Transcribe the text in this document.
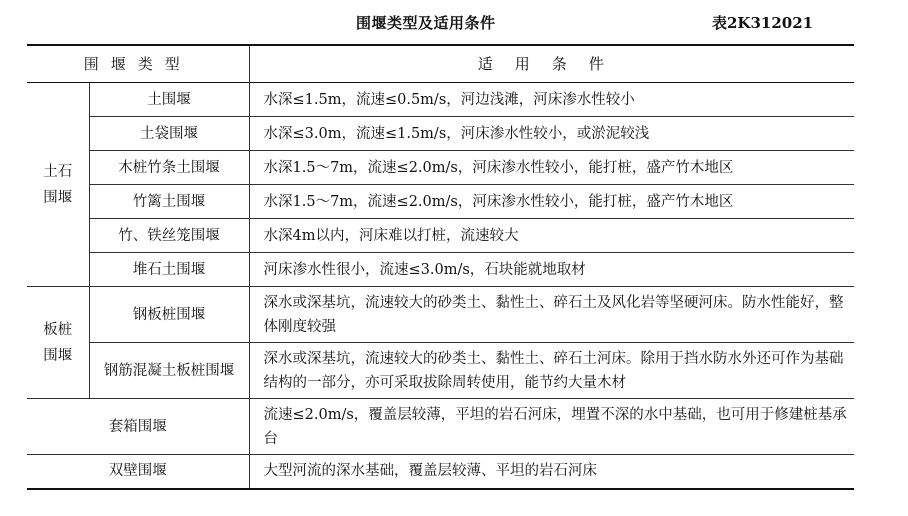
围堰类型及适用条件	表2K312021
围堰类型		适用条件

土石
围堰	土围堰	水深≤1.5m，流速≤0.5m/s，河边浅滩，河床渗水性较小
	土袋围堰	水深≤3.0m，流速≤1.5m/s，河床渗水性较小，或淤泥较浅
	木桩竹条土围堰	水深1.5～7m，流速≤2.0m/s，河床渗水性较小，能打桩，盛产竹木地区
	竹篱土围堰	水深1.5～7m，流速≤2.0m/s，河床渗水性较小，能打桩，盛产竹木地区
	竹、铁丝笼围堰	水深4m以内，河床难以打桩，流速较大
	堆石土围堰	河床渗水性很小，流速≤3.0m/s，石块能就地取材

板桩
围堰	钢板桩围堰	深水或深基坑，流速较大的砂类土、黏性土、碎石土及风化岩等坚硬河床。防水性能好，整体刚度较强
	钢筋混凝土板桩围堰	深水或深基坑，流速较大的砂类土、黏性土、碎石土河床。除用于挡水防水外还可作为基础结构的一部分，亦可采取拔除周转使用，能节约大量木材
套箱围堰		流速≤2.0m/s，覆盖层较薄，平坦的岩石河床，埋置不深的水中基础，也可用于修建桩基承台
双壁围堰		大型河流的深水基础，覆盖层较薄、平坦的岩石河床
